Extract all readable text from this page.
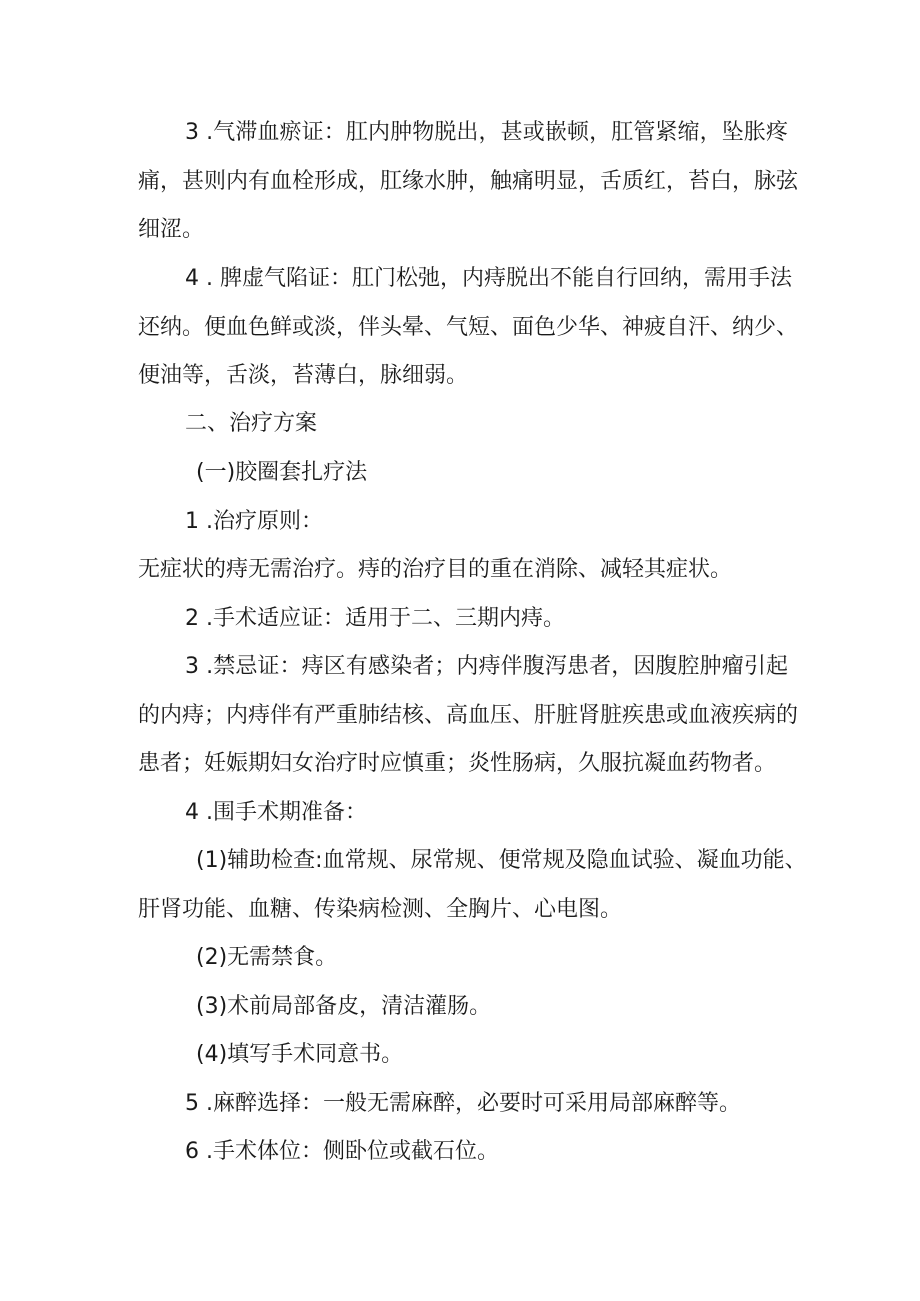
3 .气滞血瘀证：肛内肿物脱出，甚或嵌顿，肛管紧缩，坠胀疼
痛，甚则内有血栓形成，肛缘水肿，触痛明显，舌质红，苔白，脉弦
细涩。
4 . 脾虚气陷证：肛门松弛，内痔脱出不能自行回纳，需用手法
还纳。便血色鲜或淡，伴头晕、气短、面色少华、神疲自汗、纳少、
便油等，舌淡，苔薄白，脉细弱。
二、治疗方案
(一)胶圈套扎疗法
1 .治疗原则：
无症状的痔无需治疗。痔的治疗目的重在消除、减轻其症状。
2 .手术适应证：适用于二、三期内痔。
3 .禁忌证：痔区有感染者；内痔伴腹泻患者，因腹腔肿瘤引起
的内痔；内痔伴有严重肺结核、高血压、肝脏肾脏疾患或血液疾病的
患者；妊娠期妇女治疗时应慎重；炎性肠病，久服抗凝血药物者。
4 .围手术期准备：
(1)辅助检查:血常规、尿常规、便常规及隐血试验、凝血功能、
肝肾功能、血糖、传染病检测、全胸片、心电图。
(2)无需禁食。
(3)术前局部备皮，清洁灌肠。
(4)填写手术同意书。
5 .麻醉选择：一般无需麻醉，必要时可采用局部麻醉等。
6 .手术体位：侧卧位或截石位。
